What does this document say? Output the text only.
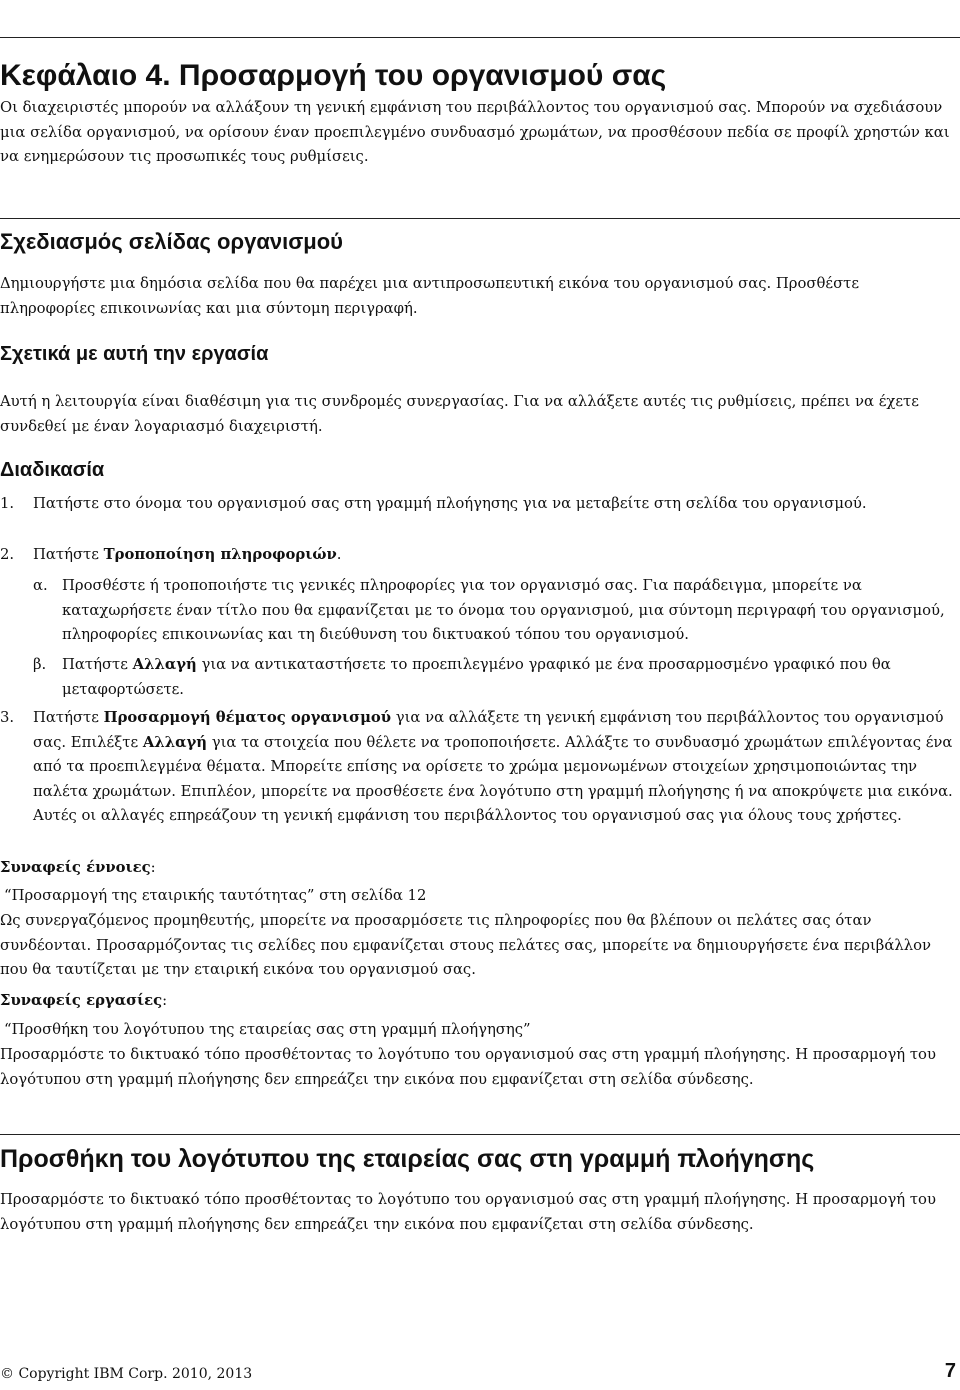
Κεφάλαιο 4. Προσαρμογή του οργανισμού σας
Οι διαχειριστές μπορούν να αλλάξουν τη γενική εμφάνιση του περιβάλλοντος του οργανισμού σας. Μπορούν να σχεδιάσουν μια σελίδα οργανισμού, να ορίσουν έναν προεπιλεγμένο συνδυασμό χρωμάτων, να προσθέσουν πεδία σε προφίλ χρηστών και να ενημερώσουν τις προσωπικές τους ρυθμίσεις.
Σχεδιασμός σελίδας οργανισμού
Δημιουργήστε μια δημόσια σελίδα που θα παρέχει μια αντιπροσωπευτική εικόνα του οργανισμού σας. Προσθέστε πληροφορίες επικοινωνίας και μια σύντομη περιγραφή.
Σχετικά με αυτή την εργασία
Αυτή η λειτουργία είναι διαθέσιμη για τις συνδρομές συνεργασίας. Για να αλλάξετε αυτές τις ρυθμίσεις, πρέπει να έχετε συνδεθεί με έναν λογαριασμό διαχειριστή.
Διαδικασία
1. Πατήστε στο όνομα του οργανισμού σας στη γραμμή πλοήγησης για να μεταβείτε στη σελίδα του οργανισμού.
2. Πατήστε Τροποποίηση πληροφοριών.
α. Προσθέστε ή τροποποιήστε τις γενικές πληροφορίες για τον οργανισμό σας. Για παράδειγμα, μπορείτε να καταχωρήσετε έναν τίτλο που θα εμφανίζεται με το όνομα του οργανισμού, μια σύντομη περιγραφή του οργανισμού, πληροφορίες επικοινωνίας και τη διεύθυνση του δικτυακού τόπου του οργανισμού.
β. Πατήστε Αλλαγή για να αντικαταστήσετε το προεπιλεγμένο γραφικό με ένα προσαρμοσμένο γραφικό που θα μεταφορτώσετε.
3. Πατήστε Προσαρμογή θέματος οργανισμού για να αλλάξετε τη γενική εμφάνιση του περιβάλλοντος του οργανισμού σας. Επιλέξτε Αλλαγή για τα στοιχεία που θέλετε να τροποποιήσετε. Αλλάξτε το συνδυασμό χρωμάτων επιλέγοντας ένα από τα προεπιλεγμένα θέματα. Μπορείτε επίσης να ορίσετε το χρώμα μεμονωμένων στοιχείων χρησιμοποιώντας την παλέτα χρωμάτων. Επιπλέον, μπορείτε να προσθέσετε ένα λογότυπο στη γραμμή πλοήγησης ή να αποκρύψετε μια εικόνα. Αυτές οι αλλαγές επηρεάζουν τη γενική εμφάνιση του περιβάλλοντος του οργανισμού σας για όλους τους χρήστες.
Συναφείς έννοιες:
“Προσαρμογή της εταιρικής ταυτότητας” στη σελίδα 12
Ως συνεργαζόμενος προμηθευτής, μπορείτε να προσαρμόσετε τις πληροφορίες που θα βλέπουν οι πελάτες σας όταν συνδέονται. Προσαρμόζοντας τις σελίδες που εμφανίζεται στους πελάτες σας, μπορείτε να δημιουργήσετε ένα περιβάλλον που θα ταυτίζεται με την εταιρική εικόνα του οργανισμού σας.
Συναφείς εργασίες:
“Προσθήκη του λογότυπου της εταιρείας σας στη γραμμή πλοήγησης”
Προσαρμόστε το δικτυακό τόπο προσθέτοντας το λογότυπο του οργανισμού σας στη γραμμή πλοήγησης. Η προσαρμογή του λογότυπου στη γραμμή πλοήγησης δεν επηρεάζει την εικόνα που εμφανίζεται στη σελίδα σύνδεσης.
Προσθήκη του λογότυπου της εταιρείας σας στη γραμμή πλοήγησης
Προσαρμόστε το δικτυακό τόπο προσθέτοντας το λογότυπο του οργανισμού σας στη γραμμή πλοήγησης. Η προσαρμογή του λογότυπου στη γραμμή πλοήγησης δεν επηρεάζει την εικόνα που εμφανίζεται στη σελίδα σύνδεσης.
© Copyright IBM Corp. 2010, 2013	7
